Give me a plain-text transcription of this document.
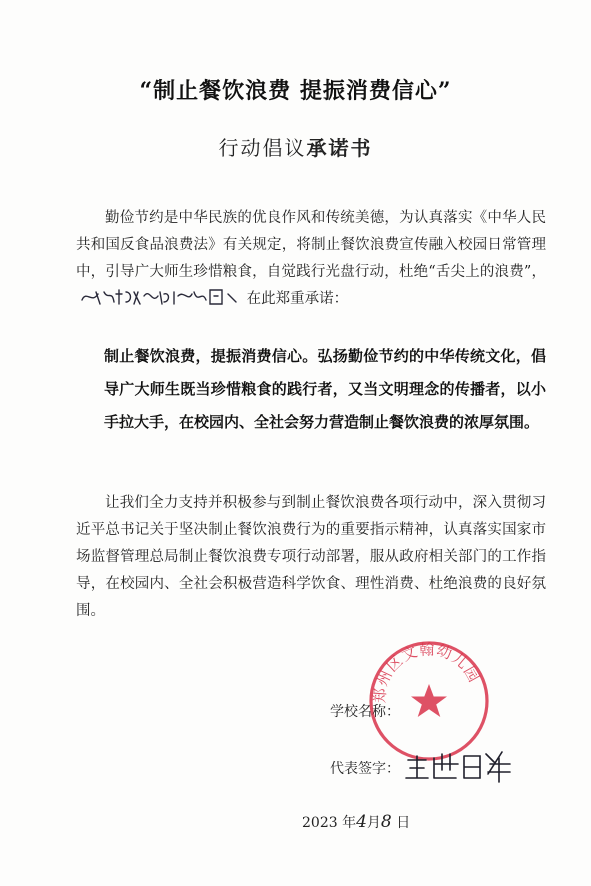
“制止餐饮浪费 提振消费信心”
行动倡议承诺书
勤俭节约是中华民族的优良作风和传统美德，为认真落实《中华人民共和国反食品浪费法》有关规定，将制止餐饮浪费宣传融入校园日常管理中，引导广大师生珍惜粮食，自觉践行光盘行动，杜绝“舌尖上的浪费”，  在此郑重承诺：
制止餐饮浪费，提振消费信心。弘扬勤俭节约的中华传统文化，倡导广大师生既当珍惜粮食的践行者，又当文明理念的传播者，以小手拉大手，在校园内、全社会努力营造制止餐饮浪费的浓厚氛围。
让我们全力支持并积极参与到制止餐饮浪费各项行动中，深入贯彻习近平总书记关于坚决制止餐饮浪费行为的重要指示精神，认真落实国家市场监督管理总局制止餐饮浪费专项行动部署，服从政府相关部门的工作指导，在校园内、全社会积极营造科学饮食、理性消费、杜绝浪费的良好氛围。
郑州区文翰幼儿园
学校名称：
代表签字：
2023 年4月8 日
